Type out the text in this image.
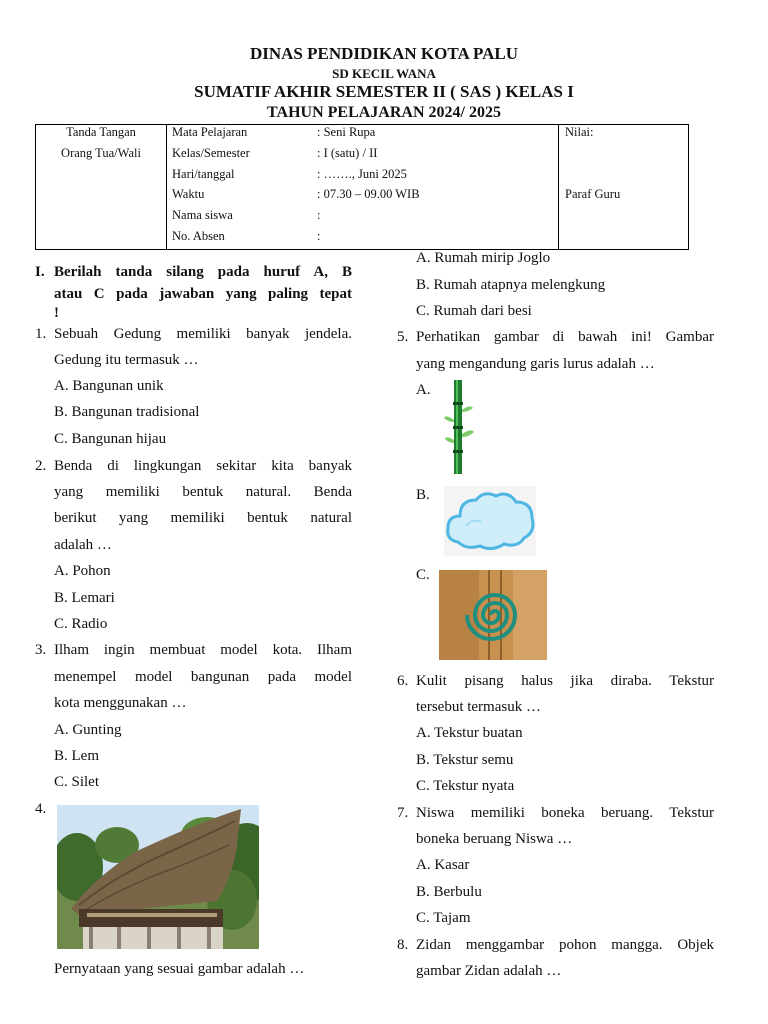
DINAS PENDIDIKAN KOTA PALU
SD KECIL WANA
SUMATIF AKHIR SEMESTER II ( SAS ) KELAS I
TAHUN PELAJARAN 2024/ 2025
Tanda Tangan
Orang Tua/Wali
Mata Pelajaran
Kelas/Semester
Hari/tanggal
Waktu
Nama siswa
No. Absen
: Seni Rupa
: I (satu) / II
: ……., Juni 2025
: 07.30 – 09.00 WIB
:
:
Nilai:
Paraf Guru
I. Berilah tanda silang pada huruf A, B
atau C pada jawaban yang paling tepat
!
1. Sebuah Gedung memiliki banyak jendela.
Gedung itu termasuk …
A. Bangunan unik
B. Bangunan tradisional
C. Bangunan hijau
2. Benda di lingkungan sekitar kita banyak
yang memiliki bentuk natural. Benda
berikut yang memiliki bentuk natural
adalah …
A. Pohon
B. Lemari
C. Radio
3. Ilham ingin membuat model kota. Ilham
menempel model bangunan pada model
kota menggunakan …
A. Gunting
B. Lem
C. Silet
4.
Pernyataan yang sesuai gambar adalah …
A. Rumah mirip Joglo
B. Rumah atapnya melengkung
C. Rumah dari besi
5. Perhatikan gambar di bawah ini! Gambar
yang mengandung garis lurus adalah …
A.
B.
C.
6. Kulit pisang halus jika diraba. Tekstur
tersebut termasuk …
A. Tekstur buatan
B. Tekstur semu
C. Tekstur nyata
7. Niswa memiliki boneka beruang. Tekstur
boneka beruang Niswa …
A. Kasar
B. Berbulu
C. Tajam
8. Zidan menggambar pohon mangga. Objek
gambar Zidan adalah …
